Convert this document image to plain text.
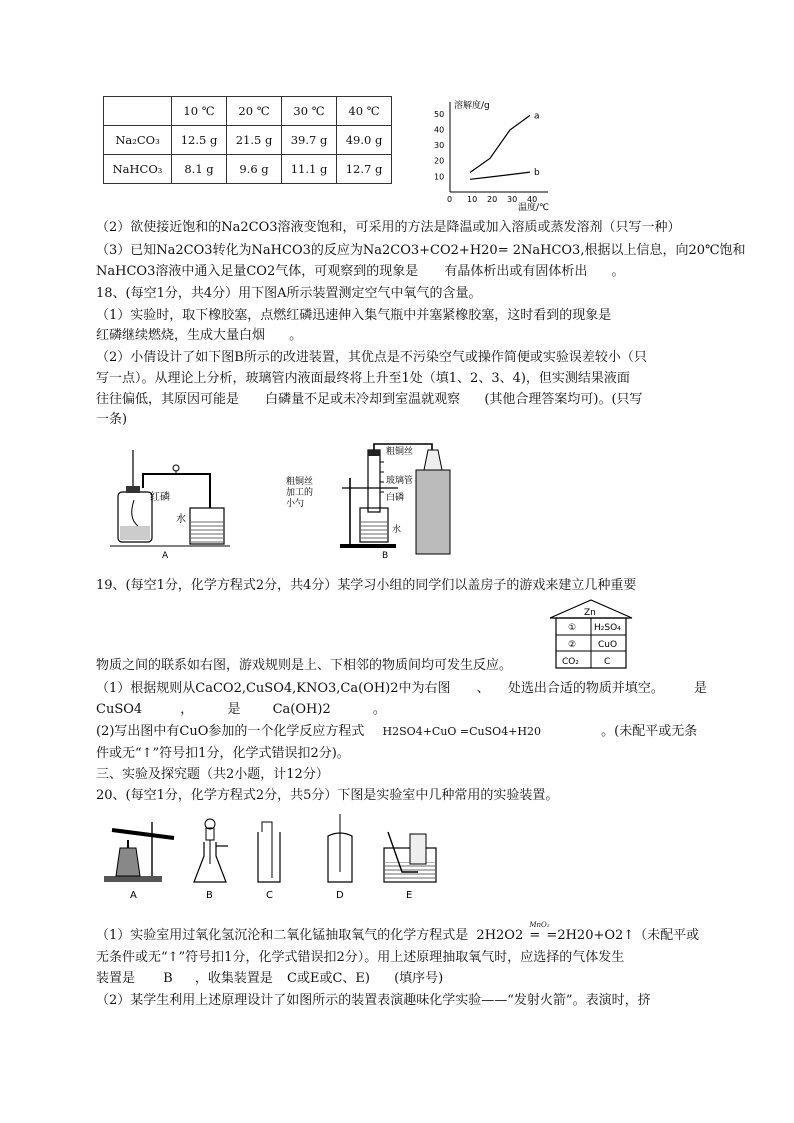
	10 ℃	20 ℃	30 ℃	40 ℃
Na₂CO₃	12.5 g	21.5 g	39.7 g	49.0 g
NaHCO₃	8.1 g	9.6 g	11.1 g	12.7 g
溶解度/g
温度/℃
0 10 20 30 40
10
20
30
40
50	a
b
（2）欲使接近饱和的Na2CO3溶液变饱和，可采用的方法是降温或加入溶质或蒸发溶剂（只写一种）
（3）已知Na2CO3转化为NaHCO3的反应为Na2CO3+CO2+H20= 2NaHCO3,根据以上信息，向20℃饱和
NaHCO3溶液中通入足量CO2气体，可观察到的现象是 有晶体析出或有固体析出 。
18、(每空1分，共4分）用下图A所示装置测定空气中氧气的含量。
（1）实验时，取下橡胶塞，点燃红磷迅速伸入集气瓶中并塞紧橡胶塞，这时看到的现象是
红磷继续燃烧，生成大量白烟 。
（2）小倩设计了如下图B所示的改进装置，其优点是不污染空气或操作简便或实验误差较小（只
写一点）。从理论上分析，玻璃管内液面最终将上升至1处（填1、2、3、4)，但实测结果液面
往往偏低，其原因可能是 白磷量不足或未冷却到室温就观察 (其他合理答案均可)。(只写
一条)
红磷
水
A
粗铜丝加工的小勺
粗铜丝
玻璃管
白磷
水
B
19、(每空1分，化学方程式2分，共4分）某学习小组的同学们以盖房子的游戏来建立几种重要
Zn
① H₂SO₄
② CuO
CO₂	C
物质之间的联系如右图，游戏规则是上、下相邻的物质间均可发生反应。
（1）根据规则从CaCO2,CuSO4,KNO3,Ca(OH)2中为右图 、 处选出合适的物质并填空。 是
CuSO4	，	是 Ca(OH)2	。
(2)写出图中有CuO参加的一个化学反应方程式 H2SO4+CuO =CuSO4+H20	。(未配平或无条
件或无“↑”符号扣1分，化学式错误扣2分)。
三、实验及探究题（共2小题，计12分）
20、(每空1分，化学方程式2分，共5分）下图是实验室中几种常用的实验装置。
A	B	C	D	E
（1）实验室用过氧化氢沉沦和二氧化锰抽取氧气的化学方程式是 2H2O2
MnO₂
= =2H20+O2↑（未配平或
无条件或无“↑”符号扣1分，化学式错误扣2分）。用上述原理抽取氧气时，应选择的气体发生
装置是 B ，收集装置是 C或E或C、E) (填序号)
（2）某学生利用上述原理设计了如图所示的装置表演趣味化学实验——“发射火箭”。表演时，挤
